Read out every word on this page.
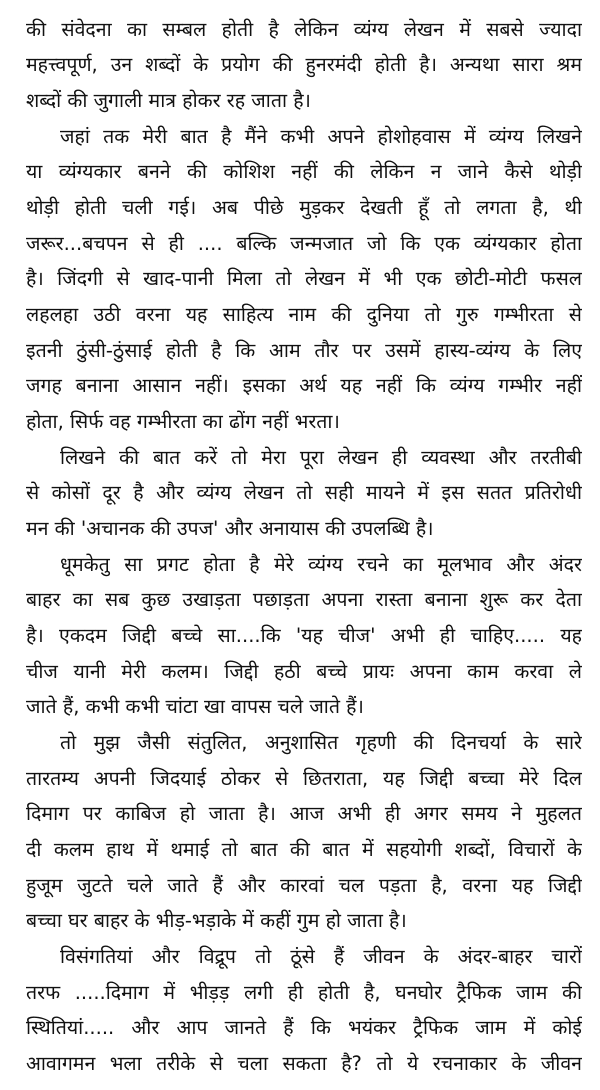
की संवेदना का सम्बल होती है लेकिन व्यंग्य लेखन में सबसे ज्यादा
महत्त्वपूर्ण, उन शब्दों के प्रयोग की हुनरमंदी होती है। अन्यथा सारा श्रम
शब्दों की जुगाली मात्र होकर रह जाता है।
जहां तक मेरी बात है मैंने कभी अपने होशोहवास में व्यंग्य लिखने
या व्यंग्यकार बनने की कोशिश नहीं की लेकिन न जाने कैसे थोड़ी
थोड़ी होती चली गई। अब पीछे मुड़कर देखती हूँ तो लगता है, थी
जरूर...बचपन से ही .... बल्कि जन्मजात जो कि एक व्यंग्यकार होता
है। जिंदगी से खाद-पानी मिला तो लेखन में भी एक छोटी-मोटी फसल
लहलहा उठी वरना यह साहित्य नाम की दुनिया तो गुरु गम्भीरता से
इतनी ठुंसी-ठुंसाई होती है कि आम तौर पर उसमें हास्य-व्यंग्य के लिए
जगह बनाना आसान नहीं। इसका अर्थ यह नहीं कि व्यंग्य गम्भीर नहीं
होता, सिर्फ वह गम्भीरता का ढोंग नहीं भरता।
लिखने की बात करें तो मेरा पूरा लेखन ही व्यवस्था और तरतीबी
से कोसों दूर है और व्यंग्य लेखन तो सही मायने में इस सतत प्रतिरोधी
मन की 'अचानक की उपज' और अनायास की उपलब्धि है।
धूमकेतु सा प्रगट होता है मेरे व्यंग्य रचने का मूलभाव और अंदर
बाहर का सब कुछ उखाड़ता पछाड़ता अपना रास्ता बनाना शुरू कर देता
है। एकदम जिद्दी बच्चे सा....कि 'यह चीज' अभी ही चाहिए..... यह
चीज यानी मेरी कलम। जिद्दी हठी बच्चे प्रायः अपना काम करवा ले
जाते हैं, कभी कभी चांटा खा वापस चले जाते हैं।
तो मुझ जैसी संतुलित, अनुशासित गृहणी की दिनचर्या के सारे
तारतम्य अपनी जिदयाई ठोकर से छितराता, यह जिद्दी बच्चा मेरे दिल
दिमाग पर काबिज हो जाता है। आज अभी ही अगर समय ने मुहलत
दी कलम हाथ में थमाई तो बात की बात में सहयोगी शब्दों, विचारों के
हुजूम जुटते चले जाते हैं और कारवां चल पड़ता है, वरना यह जिद्दी
बच्चा घर बाहर के भीड़-भड़ाके में कहीं गुम हो जाता है।
विसंगतियां और विद्रूप तो ठूंसे हैं जीवन के अंदर-बाहर चारों
तरफ .....दिमाग में भीड़ड़ लगी ही होती है, घनघोर ट्रैफिक जाम की
स्थितियां..... और आप जानते हैं कि भयंकर ट्रैफिक जाम में कोई
आवागमन भला तरीके से चला सकता है? तो ये रचनाकार के जीवन
